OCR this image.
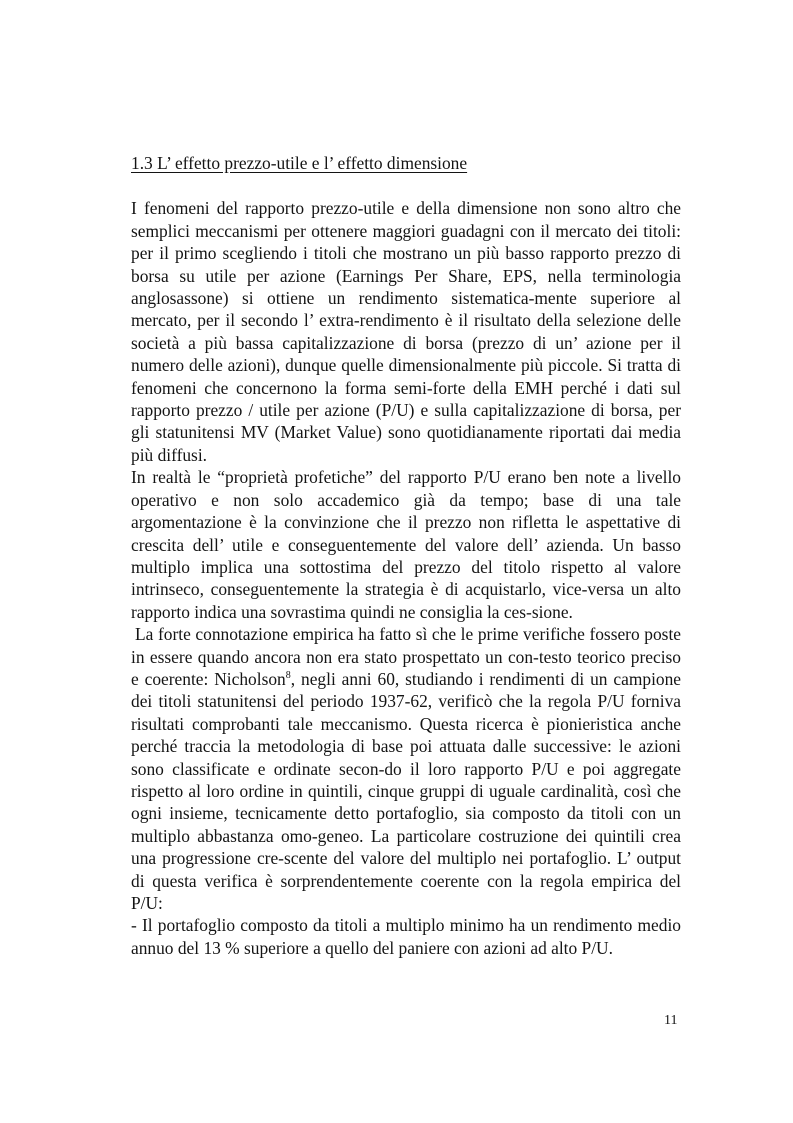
1.3 L’ effetto prezzo-utile e l’ effetto dimensione

I fenomeni del rapporto prezzo-utile e della dimensione non sono altro che semplici meccanismi per ottenere maggiori guadagni con il mercato dei titoli: per il primo scegliendo i titoli che mostrano un più basso rapporto prezzo di borsa su utile per azione (Earnings Per Share, EPS, nella terminologia anglosassone) si ottiene un rendimento sistematica-mente superiore al mercato, per il secondo l’ extra-rendimento è il risultato della selezione delle società a più bassa capitalizzazione di borsa (prezzo di un’ azione per il numero delle azioni), dunque quelle dimensionalmente più piccole. Si tratta di fenomeni che concernono la forma semi-forte della EMH perché i dati sul rapporto prezzo / utile per azione (P/U) e sulla capitalizzazione di borsa, per gli statunitensi MV (Market Value) sono quotidianamente riportati dai media più diffusi.

In realtà le “proprietà profetiche” del rapporto P/U erano ben note a livello operativo e non solo accademico già da tempo; base di una tale argomentazione è la convinzione che il prezzo non rifletta le aspettative di crescita dell’ utile e conseguentemente del valore dell’ azienda. Un basso multiplo implica una sottostima del prezzo del titolo rispetto al valore intrinseco, conseguentemente la strategia è di acquistarlo, vice-versa un alto rapporto indica una sovrastima quindi ne consiglia la ces-sione.

La forte connotazione empirica ha fatto sì che le prime verifiche fossero poste in essere quando ancora non era stato prospettato un con-testo teorico preciso e coerente: Nicholson$^8$, negli anni 60, studiando i rendimenti di un campione dei titoli statunitensi del periodo 1937-62, verificò che la regola P/U forniva risultati comprobanti tale meccanismo. Questa ricerca è pionieristica anche perché traccia la metodologia di base poi attuata dalle successive: le azioni sono classificate e ordinate secon-do il loro rapporto P/U e poi aggregate rispetto al loro ordine in quintili, cinque gruppi di uguale cardinalità, così che ogni insieme, tecnicamente detto portafoglio, sia composto da titoli con un multiplo abbastanza omo-geneo. La particolare costruzione dei quintili crea una progressione cre-scente del valore del multiplo nei portafoglio. L’ output di questa verifica è sorprendentemente coerente con la regola empirica del P/U:

- Il portafoglio composto da titoli a multiplo minimo ha un rendimento medio annuo del 13 % superiore a quello del paniere con azioni ad alto P/U.

11
